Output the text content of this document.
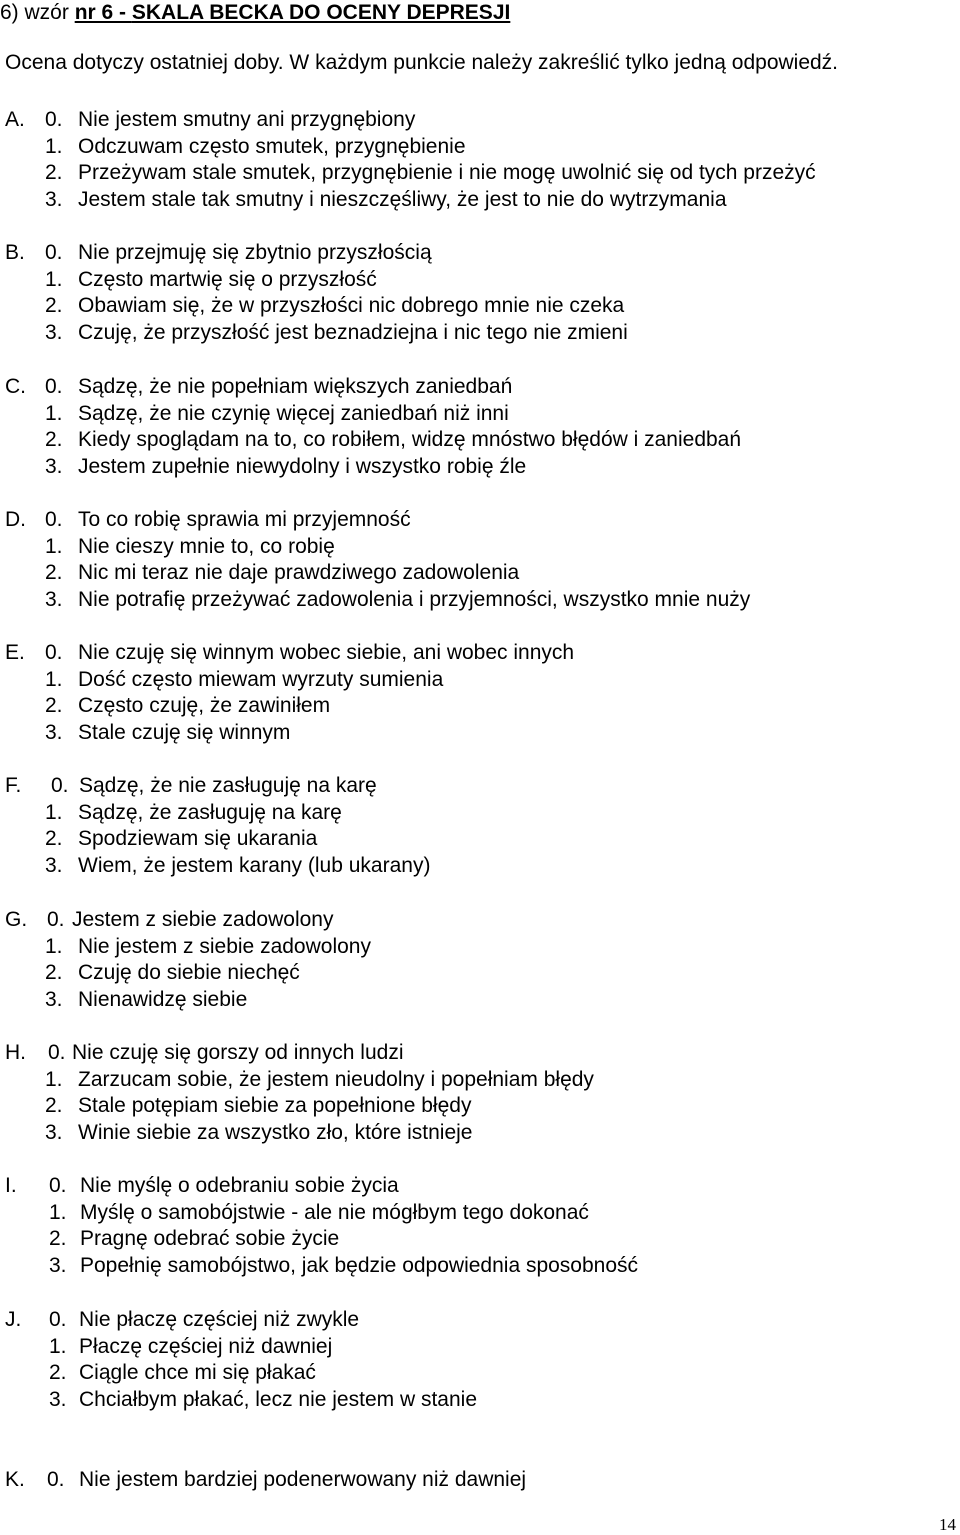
6) wzór nr 6 - SKALA BECKA DO OCENY DEPRESJI
Ocena dotyczy ostatniej doby. W każdym punkcie należy zakreślić tylko jedną odpowiedź.
A. 0. Nie jestem smutny ani przygnębiony
1. Odczuwam często smutek, przygnębienie
2. Przeżywam stale smutek, przygnębienie i nie mogę uwolnić się od tych przeżyć
3. Jestem stale tak smutny i nieszczęśliwy, że jest to nie do wytrzymania
B. 0. Nie przejmuję się zbytnio przyszłością
1. Często martwię się o przyszłość
2. Obawiam się, że w przyszłości nic dobrego mnie nie czeka
3. Czuję, że przyszłość jest beznadziejna i nic tego nie zmieni
C. 0. Sądzę, że nie popełniam większych zaniedbań
1. Sądzę, że nie czynię więcej zaniedbań niż inni
2. Kiedy spoglądam na to, co robiłem, widzę mnóstwo błędów i zaniedbań
3. Jestem zupełnie niewydolny i wszystko robię źle
D. 0. To co robię sprawia mi przyjemność
1. Nie cieszy mnie to, co robię
2. Nic mi teraz nie daje prawdziwego zadowolenia
3. Nie potrafię przeżywać zadowolenia i przyjemności, wszystko mnie nuży
E. 0. Nie czuję się winnym wobec siebie, ani wobec innych
1. Dość często miewam wyrzuty sumienia
2. Często czuję, że zawiniłem
3. Stale czuję się winnym
F. 0. Sądzę, że nie zasługuję na karę
1. Sądzę, że zasługuję na karę
2. Spodziewam się ukarania
3. Wiem, że jestem karany (lub ukarany)
G. 0. Jestem z siebie zadowolony
1. Nie jestem z siebie zadowolony
2. Czuję do siebie niechęć
3. Nienawidzę siebie
H. 0. Nie czuję się gorszy od innych ludzi
1. Zarzucam sobie, że jestem nieudolny i popełniam błędy
2. Stale potępiam siebie za popełnione błędy
3. Winie siebie za wszystko zło, które istnieje
I. 0. Nie myślę o odebraniu sobie życia
1. Myślę o samobójstwie - ale nie mógłbym tego dokonać
2. Pragnę odebrać sobie życie
3. Popełnię samobójstwo, jak będzie odpowiednia sposobność
J. 0. Nie płaczę częściej niż zwykle
1. Płaczę częściej niż dawniej
2. Ciągle chce mi się płakać
3. Chciałbym płakać, lecz nie jestem w stanie
K. 0. Nie jestem bardziej podenerwowany niż dawniej
14
